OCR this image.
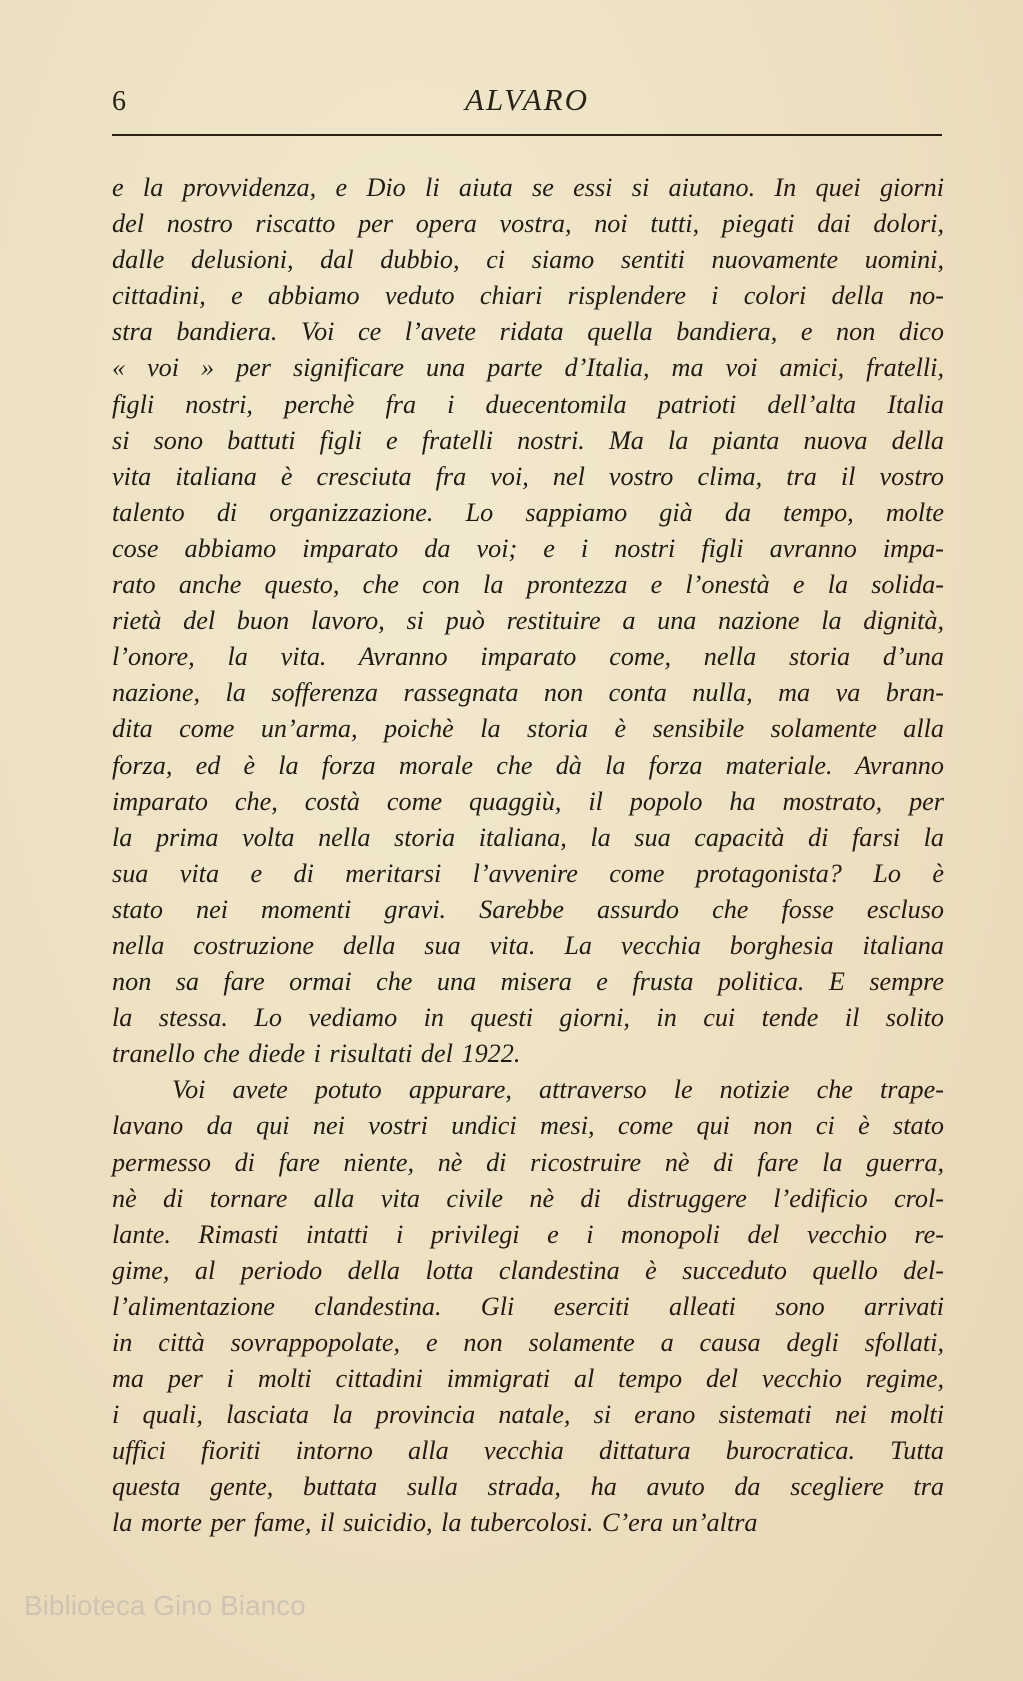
6	ALVARO
e la provvidenza, e Dio li aiuta se essi si aiutano. In quei giorni
del nostro riscatto per opera vostra, noi tutti, piegati dai dolori,
dalle delusioni, dal dubbio, ci siamo sentiti nuovamente uomini,
cittadini, e abbiamo veduto chiari risplendere i colori della no-
stra bandiera. Voi ce l’avete ridata quella bandiera, e non dico
« voi » per significare una parte d’Italia, ma voi amici, fratelli,
figli nostri, perchè fra i duecentomila patrioti dell’alta Italia
si sono battuti figli e fratelli nostri. Ma la pianta nuova della
vita italiana è cresciuta fra voi, nel vostro clima, tra il vostro
talento di organizzazione. Lo sappiamo già da tempo, molte
cose abbiamo imparato da voi; e i nostri figli avranno impa-
rato anche questo, che con la prontezza e l’onestà e la solida-
rietà del buon lavoro, si può restituire a una nazione la dignità,
l’onore, la vita. Avranno imparato come, nella storia d’una
nazione, la sofferenza rassegnata non conta nulla, ma va bran-
dita come un’arma, poichè la storia è sensibile solamente alla
forza, ed è la forza morale che dà la forza materiale. Avranno
imparato che, costà come quaggiù, il popolo ha mostrato, per
la prima volta nella storia italiana, la sua capacità di farsi la
sua vita e di meritarsi l’avvenire come protagonista? Lo è
stato nei momenti gravi. Sarebbe assurdo che fosse escluso
nella costruzione della sua vita. La vecchia borghesia italiana
non sa fare ormai che una misera e frusta politica. E sempre
la stessa. Lo vediamo in questi giorni, in cui tende il solito
tranello che diede i risultati del 1922.
Voi avete potuto appurare, attraverso le notizie che trape-
lavano da qui nei vostri undici mesi, come qui non ci è stato
permesso di fare niente, nè di ricostruire nè di fare la guerra,
nè di tornare alla vita civile nè di distruggere l’edificio crol-
lante. Rimasti intatti i privilegi e i monopoli del vecchio re-
gime, al periodo della lotta clandestina è succeduto quello del-
l’alimentazione clandestina. Gli eserciti alleati sono arrivati
in città sovrappopolate, e non solamente a causa degli sfollati,
ma per i molti cittadini immigrati al tempo del vecchio regime,
i quali, lasciata la provincia natale, si erano sistemati nei molti
uffici fioriti intorno alla vecchia dittatura burocratica. Tutta
questa gente, buttata sulla strada, ha avuto da scegliere tra
la morte per fame, il suicidio, la tubercolosi. C’era un’altra
Biblioteca Gino Bianco
